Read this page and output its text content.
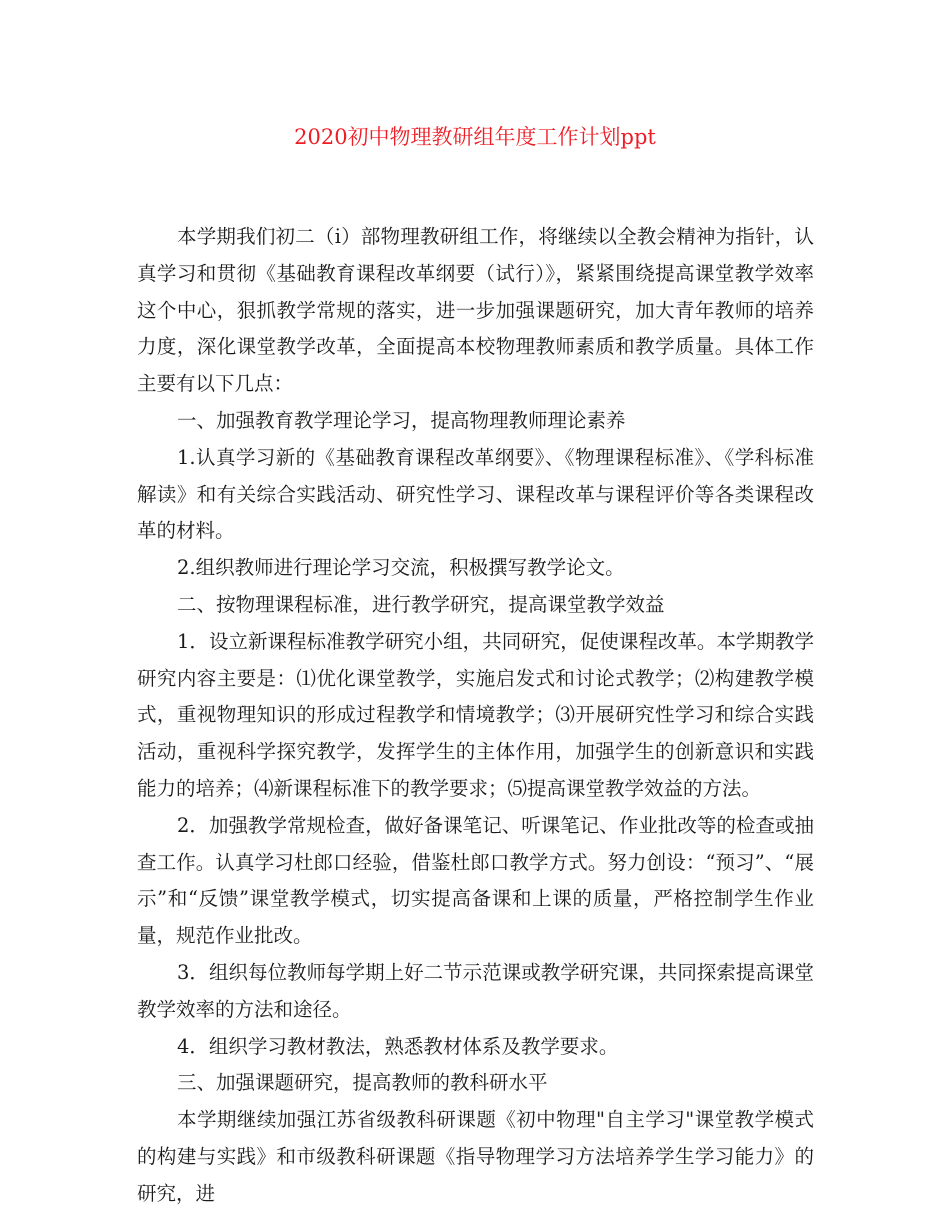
2020初中物理教研组年度工作计划ppt

本学期我们初二（i）部物理教研组工作，将继续以全教会精神为指针，认真学习和贯彻《基础教育课程改革纲要（试行）》，紧紧围绕提高课堂教学效率这个中心，狠抓教学常规的落实，进一步加强课题研究，加大青年教师的培养力度，深化课堂教学改革，全面提高本校物理教师素质和教学质量。具体工作主要有以下几点：

一、加强教育教学理论学习，提高物理教师理论素养

1.认真学习新的《基础教育课程改革纲要》、《物理课程标准》、《学科标准解读》和有关综合实践活动、研究性学习、课程改革与课程评价等各类课程改革的材料。

2.组织教师进行理论学习交流，积极撰写教学论文。

二、按物理课程标准，进行教学研究，提高课堂教学效益

1．设立新课程标准教学研究小组，共同研究，促使课程改革。本学期教学研究内容主要是：⑴优化课堂教学，实施启发式和讨论式教学；⑵构建教学模式，重视物理知识的形成过程教学和情境教学；⑶开展研究性学习和综合实践活动，重视科学探究教学，发挥学生的主体作用，加强学生的创新意识和实践能力的培养；⑷新课程标准下的教学要求；⑸提高课堂教学效益的方法。

2．加强教学常规检查，做好备课笔记、听课笔记、作业批改等的检查或抽查工作。认真学习杜郎口经验，借鉴杜郎口教学方式。努力创设：“预习”、“展示”和“反馈”课堂教学模式，切实提高备课和上课的质量，严格控制学生作业量，规范作业批改。

3．组织每位教师每学期上好二节示范课或教学研究课，共同探索提高课堂教学效率的方法和途径。

4．组织学习教材教法，熟悉教材体系及教学要求。

三、加强课题研究，提高教师的教科研水平

本学期继续加强江苏省级教科研课题《初中物理"自主学习"课堂教学模式的构建与实践》和市级教科研课题《指导物理学习方法培养学生学习能力》的研究，进
